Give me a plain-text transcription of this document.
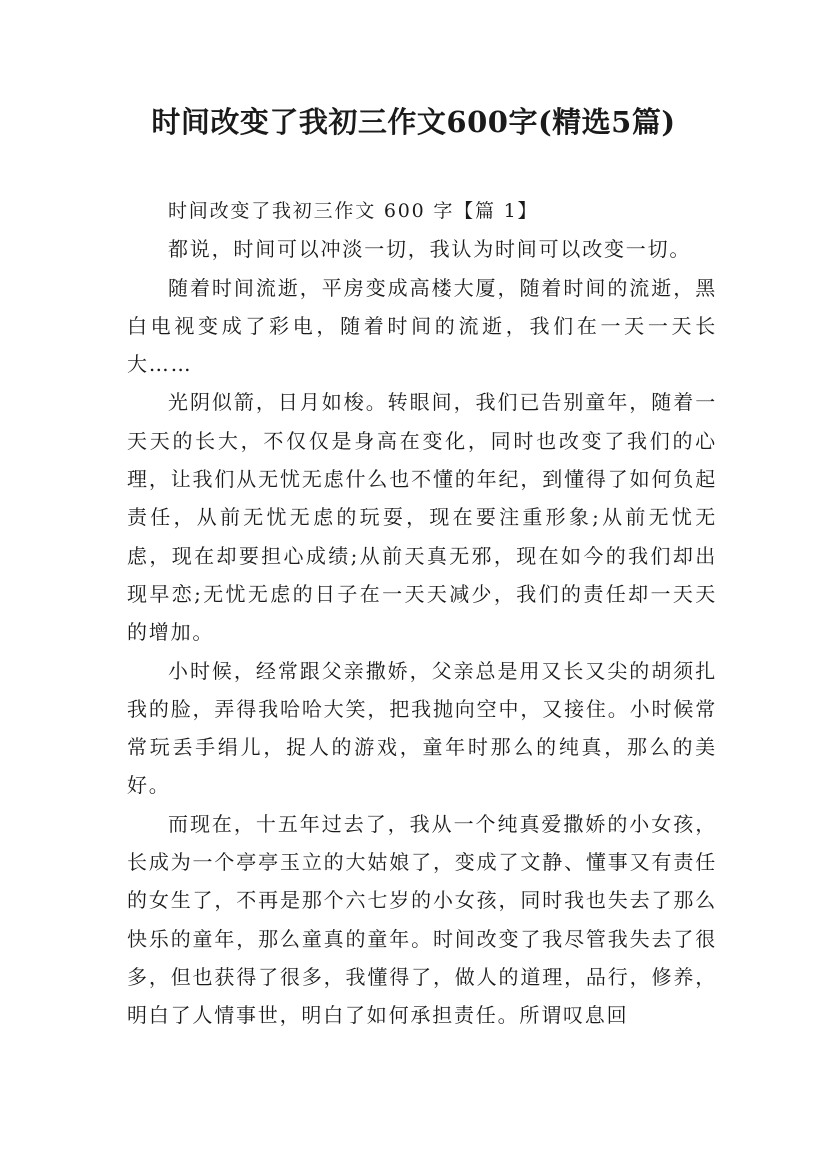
时间改变了我初三作文600字(精选5篇)

时间改变了我初三作文 600 字【篇 1】

都说，时间可以冲淡一切，我认为时间可以改变一切。

随着时间流逝，平房变成高楼大厦，随着时间的流逝，黑白电视变成了彩电，随着时间的流逝，我们在一天一天长大……

光阴似箭，日月如梭。转眼间，我们已告别童年，随着一天天的长大，不仅仅是身高在变化，同时也改变了我们的心理，让我们从无忧无虑什么也不懂的年纪，到懂得了如何负起责任，从前无忧无虑的玩耍，现在要注重形象;从前无忧无虑，现在却要担心成绩;从前天真无邪，现在如今的我们却出现早恋;无忧无虑的日子在一天天减少，我们的责任却一天天的增加。

小时候，经常跟父亲撒娇，父亲总是用又长又尖的胡须扎我的脸，弄得我哈哈大笑，把我抛向空中，又接住。小时候常常玩丢手绢儿，捉人的游戏，童年时那么的纯真，那么的美好。

而现在，十五年过去了，我从一个纯真爱撒娇的小女孩，长成为一个亭亭玉立的大姑娘了，变成了文静、懂事又有责任的女生了，不再是那个六七岁的小女孩，同时我也失去了那么快乐的童年，那么童真的童年。时间改变了我尽管我失去了很多，但也获得了很多，我懂得了，做人的道理，品行，修养，明白了人情事世，明白了如何承担责任。所谓叹息回
